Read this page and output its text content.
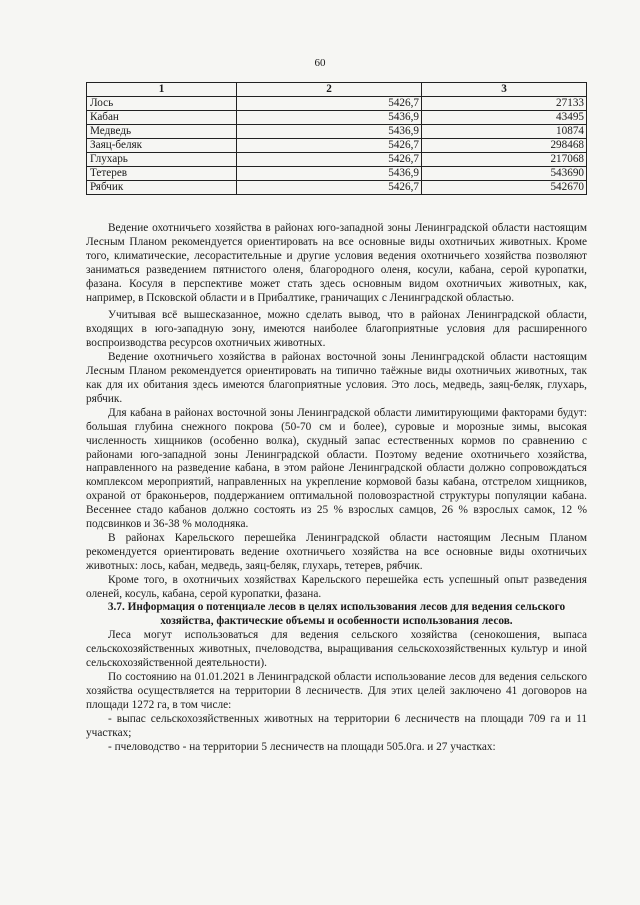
60
1	2	3
Лось	5426,7	27133
Кабан	5436,9	43495
Медведь	5436,9	10874
Заяц-беляк	5426,7	298468
Глухарь	5426,7	217068
Тетерев	5436,9	543690
Рябчик	5426,7	542670

Ведение охотничьего хозяйства в районах юго-западной зоны Ленинградской области настоящим Лесным Планом рекомендуется ориентировать на все основные виды охотничьих животных. Кроме того, климатические, лесорастительные и другие условия ведения охотничьего хозяйства позволяют заниматься разведением пятнистого оленя, благородного оленя, косули, кабана, серой куропатки, фазана. Косуля в перспективе может стать здесь основным видом охотничьих животных, как, например, в Псковской области и в Прибалтике, граничащих с Ленинградской областью.

Учитывая всё вышесказанное, можно сделать вывод, что в районах Ленинградской области, входящих в юго-западную зону, имеются наиболее благоприятные условия для расширенного воспроизводства ресурсов охотничьих животных.

Ведение охотничьего хозяйства в районах восточной зоны Ленинградской области настоящим Лесным Планом рекомендуется ориентировать на типично таёжные виды охотничьих животных, так как для их обитания здесь имеются благоприятные условия. Это лось, медведь, заяц-беляк, глухарь, рябчик.

Для кабана в районах восточной зоны Ленинградской области лимитирующими факторами будут: большая глубина снежного покрова (50-70 см и более), суровые и морозные зимы, высокая численность хищников (особенно волка), скудный запас естественных кормов по сравнению с районами юго-западной зоны Ленинградской области. Поэтому ведение охотничьего хозяйства, направленного на разведение кабана, в этом районе Ленинградской области должно сопровождаться комплексом мероприятий, направленных на укрепление кормовой базы кабана, отстрелом хищников, охраной от браконьеров, поддержанием оптимальной половозрастной структуры популяции кабана. Весеннее стадо кабанов должно состоять из 25 % взрослых самцов, 26 % взрослых самок, 12 % подсвинков и 36-38 % молодняка.

В районах Карельского перешейка Ленинградской области настоящим Лесным Планом рекомендуется ориентировать ведение охотничьего хозяйства на все основные виды охотничьих животных: лось, кабан, медведь, заяц-беляк, глухарь, тетерев, рябчик.

Кроме того, в охотничьих хозяйствах Карельского перешейка есть успешный опыт разведения оленей, косуль, кабана, серой куропатки, фазана.

3.7. Информация о потенциале лесов в целях использования лесов для ведения сельского хозяйства, фактические объемы и особенности использования лесов.

Леса могут использоваться для ведения сельского хозяйства (сенокошения, выпаса сельскохозяйственных животных, пчеловодства, выращивания сельскохозяйственных культур и иной сельскохозяйственной деятельности).

По состоянию на 01.01.2021 в Ленинградской области использование лесов для ведения сельского хозяйства осуществляется на территории 8 лесничеств. Для этих целей заключено 41 договоров на площади 1272 га, в том числе:

- выпас сельскохозяйственных животных на территории 6 лесничеств на площади 709 га и 11 участках;

- пчеловодство - на территории 5 лесничеств на площади 505.0га. и 27 участках:
